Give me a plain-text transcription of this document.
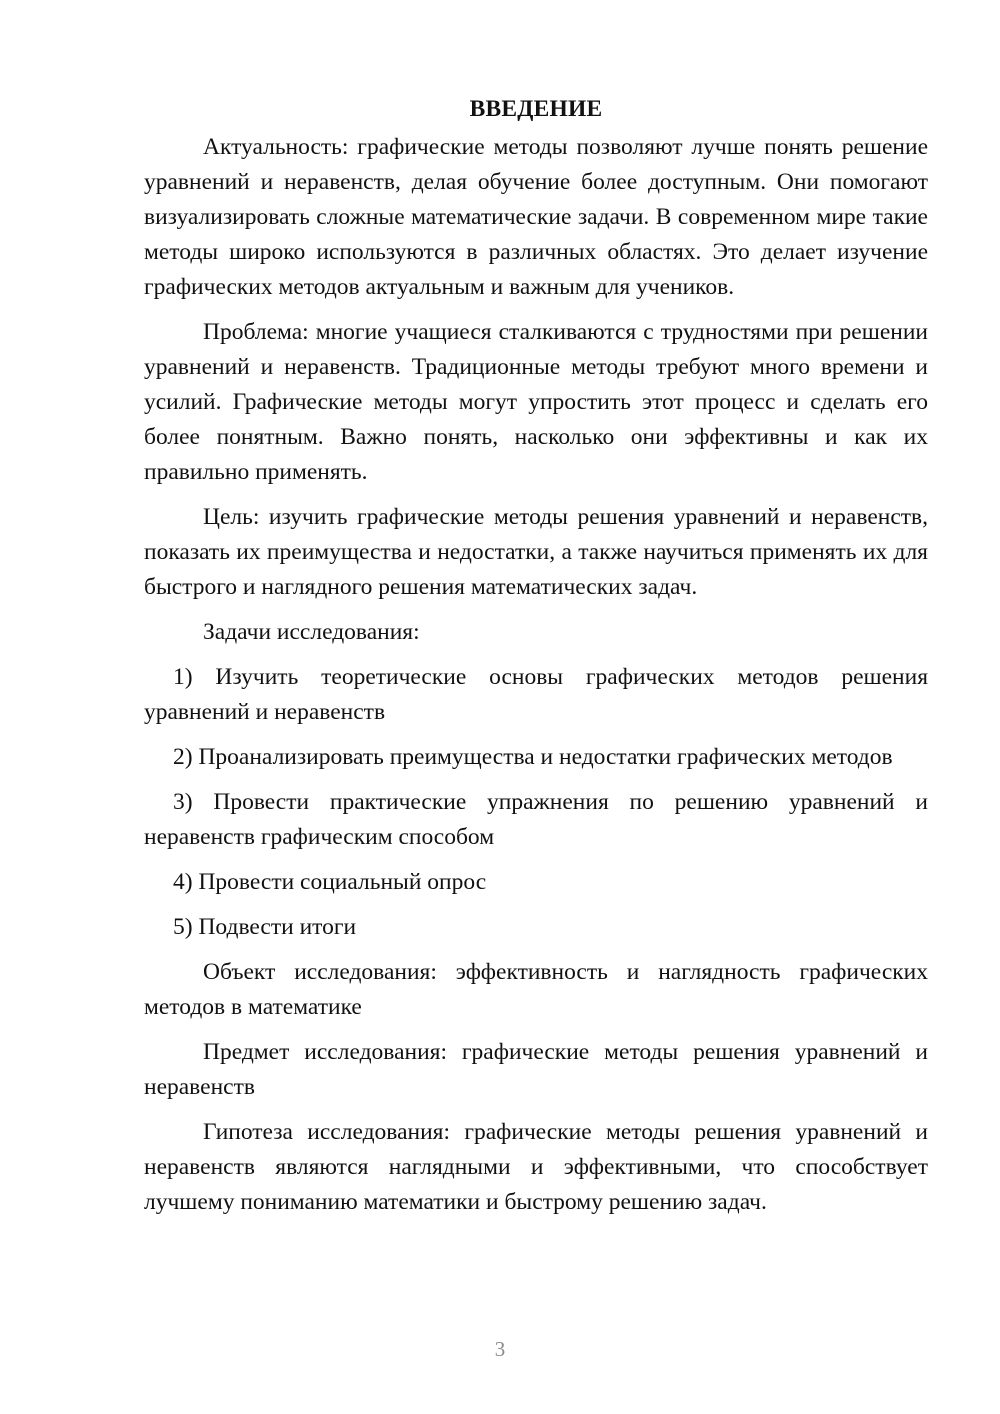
ВВЕДЕНИЕ

Актуальность: графические методы позволяют лучше понять решение уравнений и неравенств, делая обучение более доступным. Они помогают визуализировать сложные математические задачи. В современном мире такие методы широко используются в различных областях. Это делает изучение графических методов актуальным и важным для учеников.

Проблема: многие учащиеся сталкиваются с трудностями при решении уравнений и неравенств. Традиционные методы требуют много времени и усилий. Графические методы могут упростить этот процесс и сделать его более понятным. Важно понять, насколько они эффективны и как их правильно применять.

Цель: изучить графические методы решения уравнений и неравенств, показать их преимущества и недостатки, а также научиться применять их для быстрого и наглядного решения математических задач.

Задачи исследования:

1) Изучить теоретические основы графических методов решения уравнений и неравенств

2) Проанализировать преимущества и недостатки графических методов

3) Провести практические упражнения по решению уравнений и неравенств графическим способом

4) Провести социальный опрос

5) Подвести итоги

Объект исследования: эффективность и наглядность графических методов в математике

Предмет исследования: графические методы решения уравнений и неравенств

Гипотеза исследования: графические методы решения уравнений и неравенств являются наглядными и эффективными, что способствует лучшему пониманию математики и быстрому решению задач.

3
